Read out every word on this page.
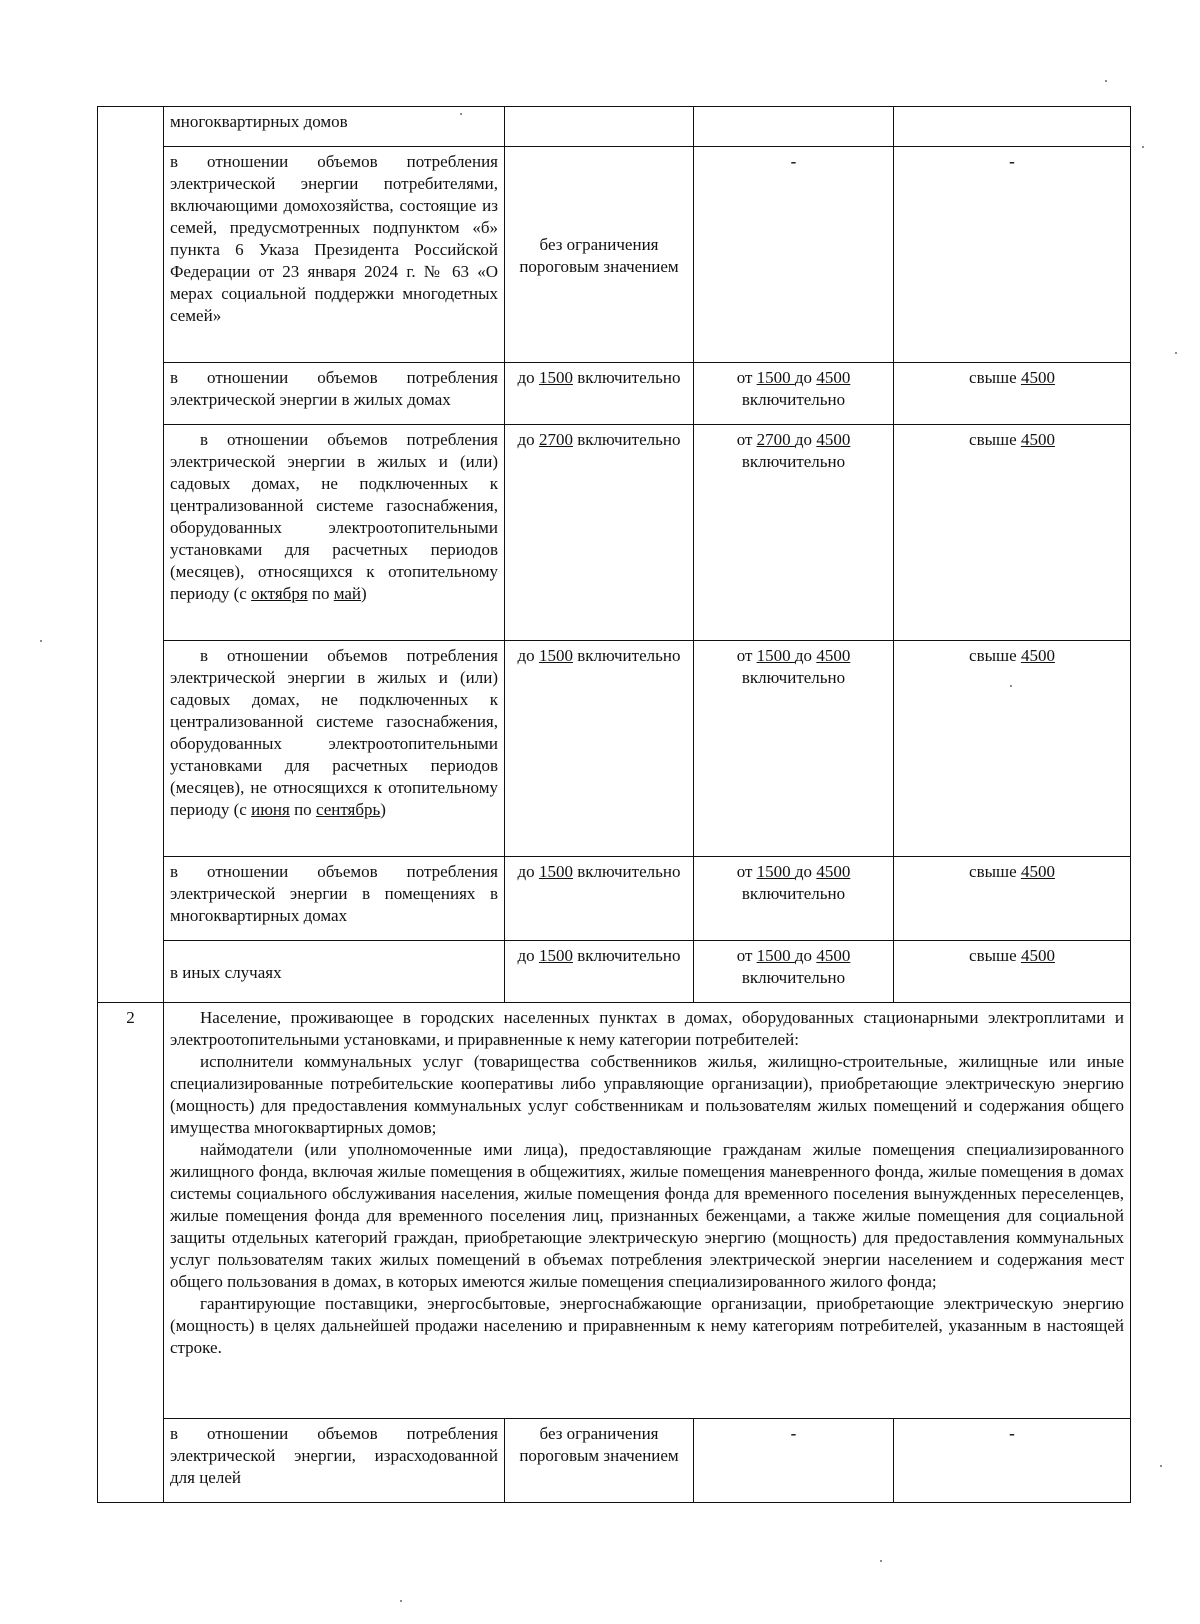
	многоквартирных домов			

	в отношении объемов потребления электрической энергии потребителями, включающими домохозяйства, состоящие из семей, предусмотренных подпунктом «б» пункта 6 Указа Президента Российской Федерации от 23 января 2024 г. № 63 «О мерах социальной поддержки многодетных семей»	без ограничения пороговым значением	-	-

	в отношении объемов потребления электрической энергии в жилых домах	до 1500 включительно	от 1500 до 4500 включительно	свыше 4500

	в отношении объемов потребления электрической энергии в жилых и (или) садовых домах, не подключенных к централизованной системе газоснабжения, оборудованных электроотопительными установками для расчетных периодов (месяцев), относящихся к отопительному периоду (с октября по май)	до 2700 включительно	от 2700 до 4500 включительно	свыше 4500

	в отношении объемов потребления электрической энергии в жилых и (или) садовых домах, не подключенных к централизованной системе газоснабжения, оборудованных электроотопительными установками для расчетных периодов (месяцев), не относящихся к отопительному периоду (с июня по сентябрь)	до 1500 включительно	от 1500 до 4500 включительно	свыше 4500

	в отношении объемов потребления электрической энергии в помещениях в многоквартирных домах	до 1500 включительно	от 1500 до 4500 включительно	свыше 4500

	в иных случаях	до 1500 включительно	от 1500 до 4500 включительно	свыше 4500
2	Население, проживающее в городских населенных пунктах в домах, оборудованных стационарными электроплитами и электроотопительными установками, и приравненные к нему категории потребителей:

исполнители коммунальных услуг (товарищества собственников жилья, жилищно-строительные, жилищные или иные специализированные потребительские кооперативы либо управляющие организации), приобретающие электрическую энергию (мощность) для предоставления коммунальных услуг собственникам и пользователям жилых помещений и содержания общего имущества многоквартирных домов;

наймодатели (или уполномоченные ими лица), предоставляющие гражданам жилые помещения специализированного жилищного фонда, включая жилые помещения в общежитиях, жилые помещения маневренного фонда, жилые помещения в домах системы социального обслуживания населения, жилые помещения фонда для временного поселения вынужденных переселенцев, жилые помещения фонда для временного поселения лиц, признанных беженцами, а также жилые помещения для социальной защиты отдельных категорий граждан, приобретающие электрическую энергию (мощность) для предоставления коммунальных услуг пользователям таких жилых помещений в объемах потребления электрической энергии населением и содержания мест общего пользования в домах, в которых имеются жилые помещения специализированного жилого фонда;

гарантирующие поставщики, энергосбытовые, энергоснабжающие организации, приобретающие электрическую энергию (мощность) в целях дальнейшей продажи населению и приравненным к нему категориям потребителей, указанным в настоящей строке.			

	в отношении объемов потребления электрической энергии, израсходованной для целей	без ограничения пороговым значением	-	-
